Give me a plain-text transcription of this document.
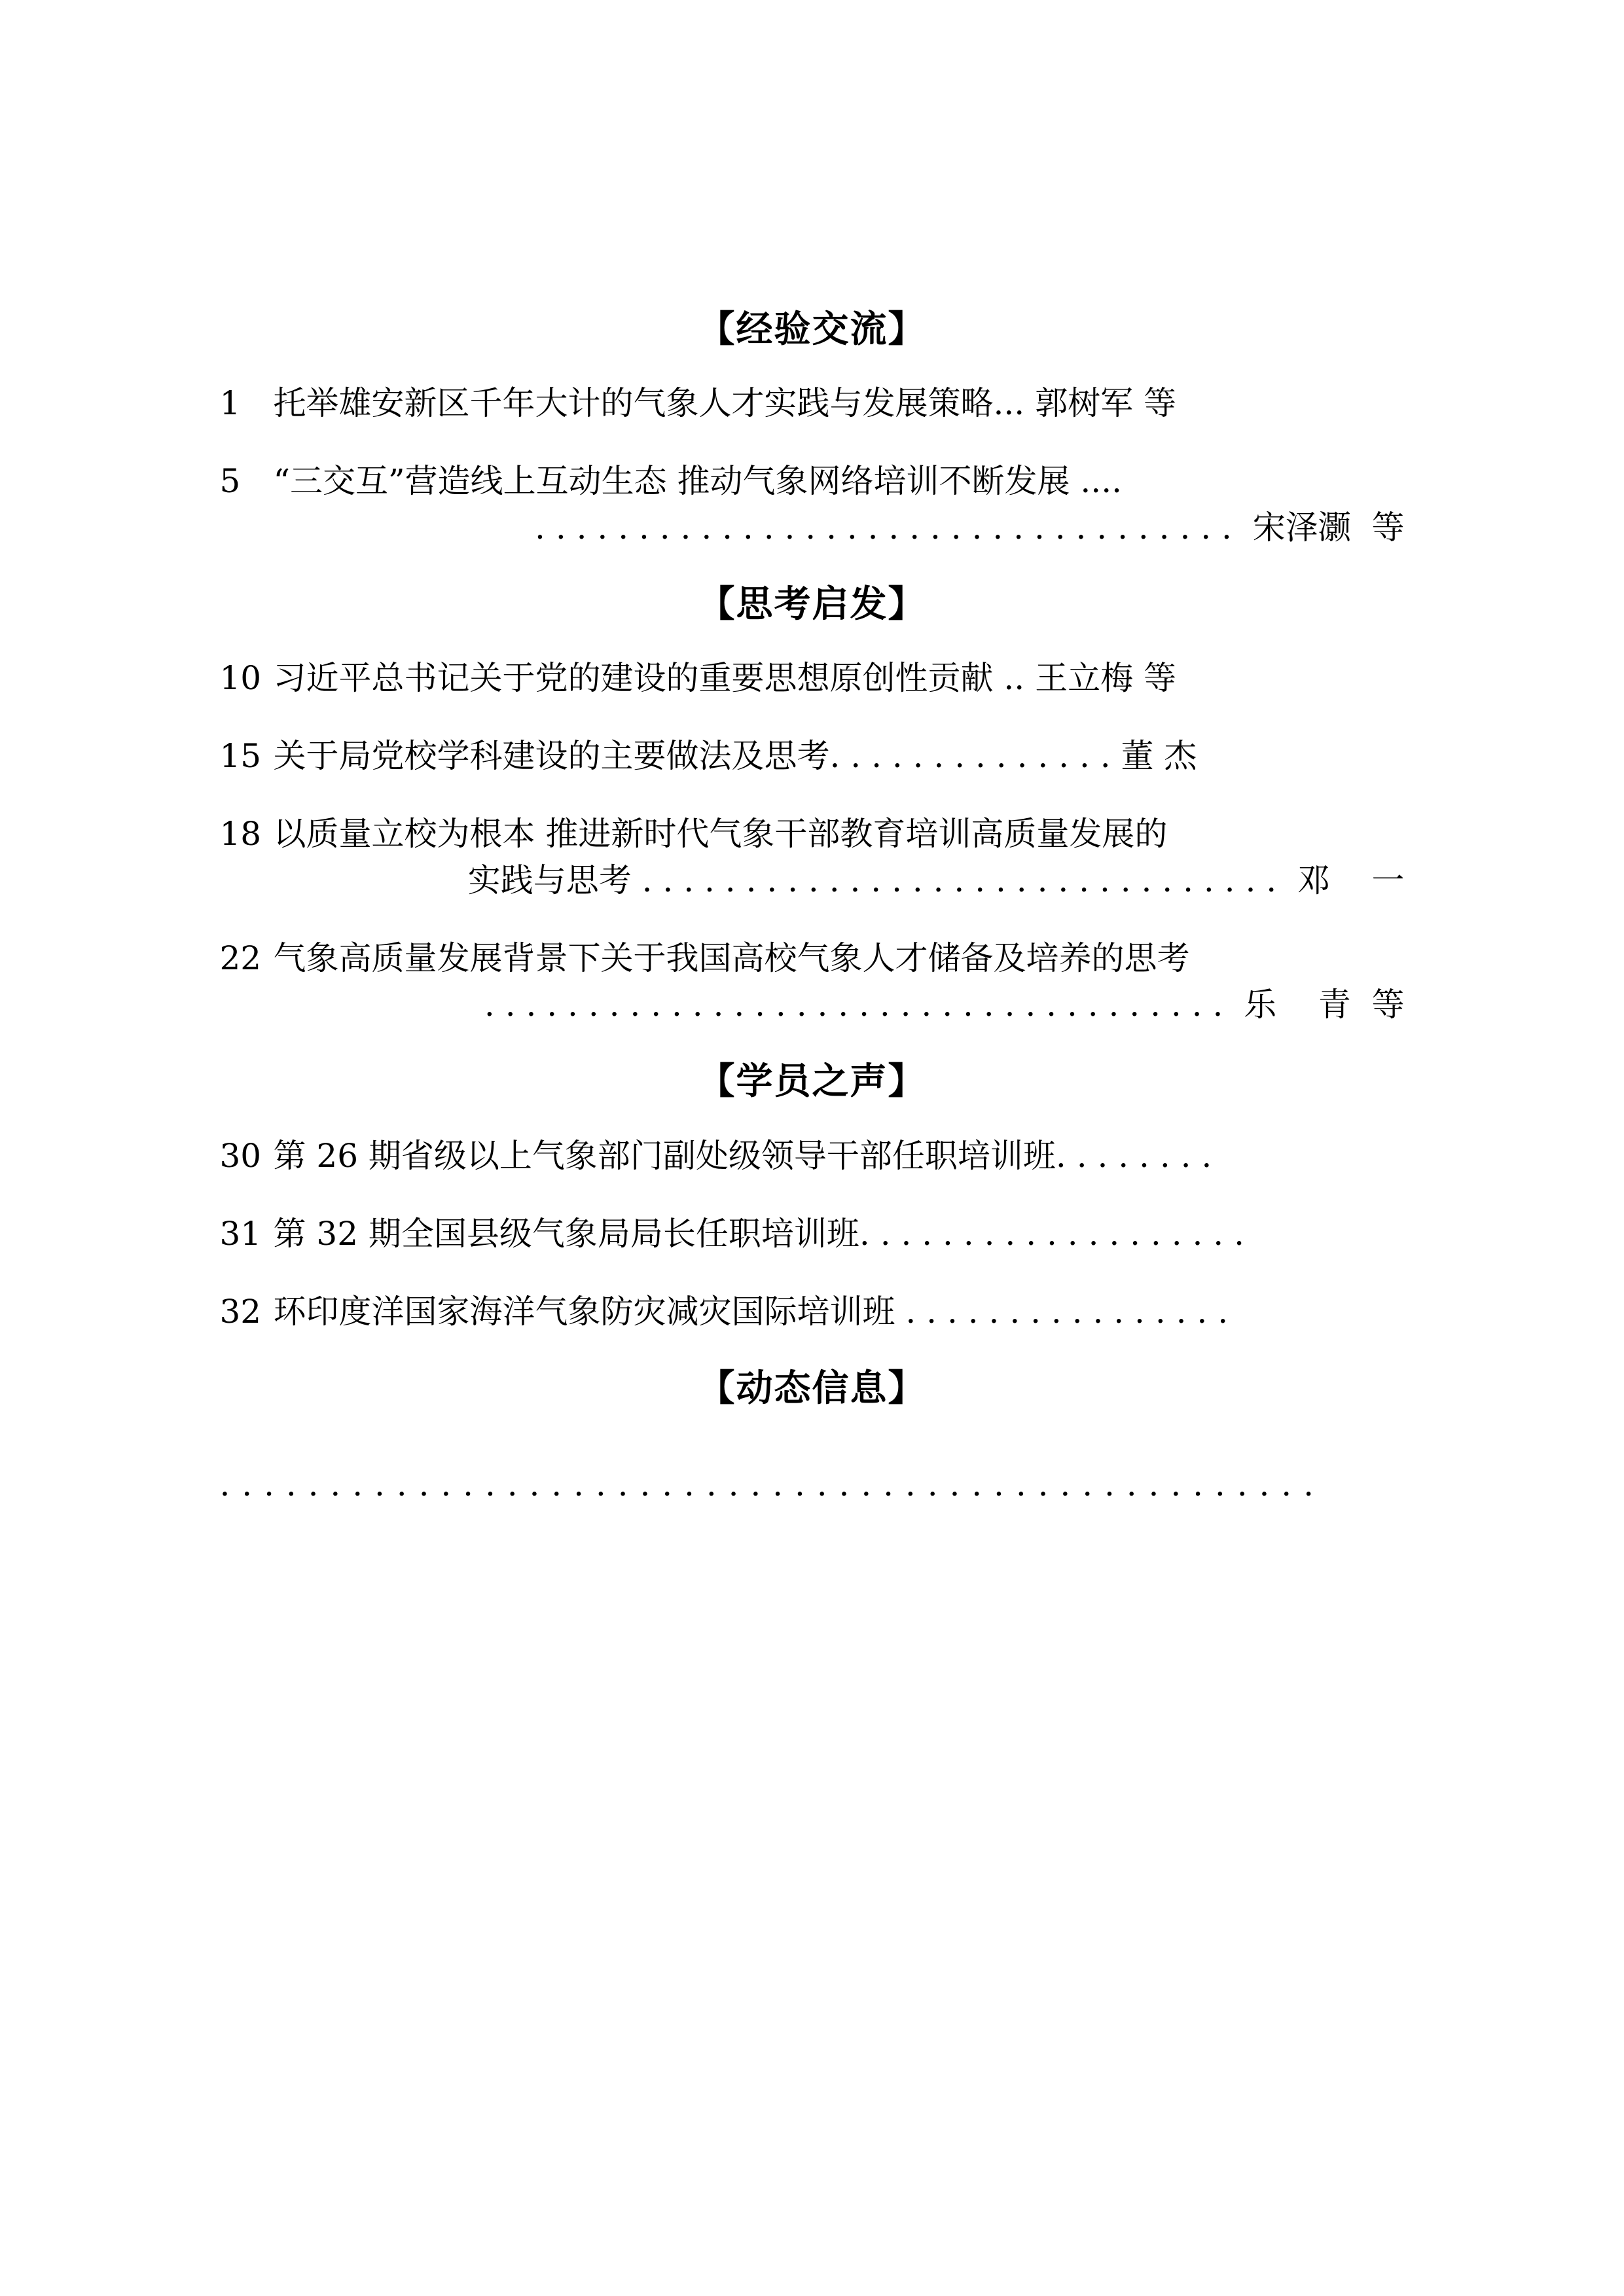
【经验交流】
1	托举雄安新区千年大计的气象人才实践与发展策略... 郭树军 等
5	“三交互”营造线上互动生态 推动气象网络培训不断发展 ....
. . . . . . . . . . . . . . . . . . . . . . . . . . . . . . . . . .  宋泽灏  等
【思考启发】
10 习近平总书记关于党的建设的重要思想原创性贡献 .. 王立梅 等
15 关于局党校学科建设的主要做法及思考. . . . . . . . . . . . . . 董 杰
18 以质量立校为根本 推进新时代气象干部教育培训高质量发展的
实践与思考 . . . . . . . . . . . . . . . . . . . . . . . . . . . . . . .  邓    一
22 气象高质量发展背景下关于我国高校气象人才储备及培养的思考
. . . . . . . . . . . . . . . . . . . . . . . . . . . . . . . . . . . .  乐    青  等
【学员之声】
30 第 26 期省级以上气象部门副处级领导干部任职培训班. . . . . . . .
31 第 32 期全国县级气象局局长任职培训班. . . . . . . . . . . . . . . . . . .
32 环印度洋国家海洋气象防灾减灾国际培训班 . . . . . . . . . . . . . . . .
【动态信息】
. . . . . . . . . . . . . . . . . . . . . . . . . . . . . . . . . . . . . . . . . . . . . . . . . .
